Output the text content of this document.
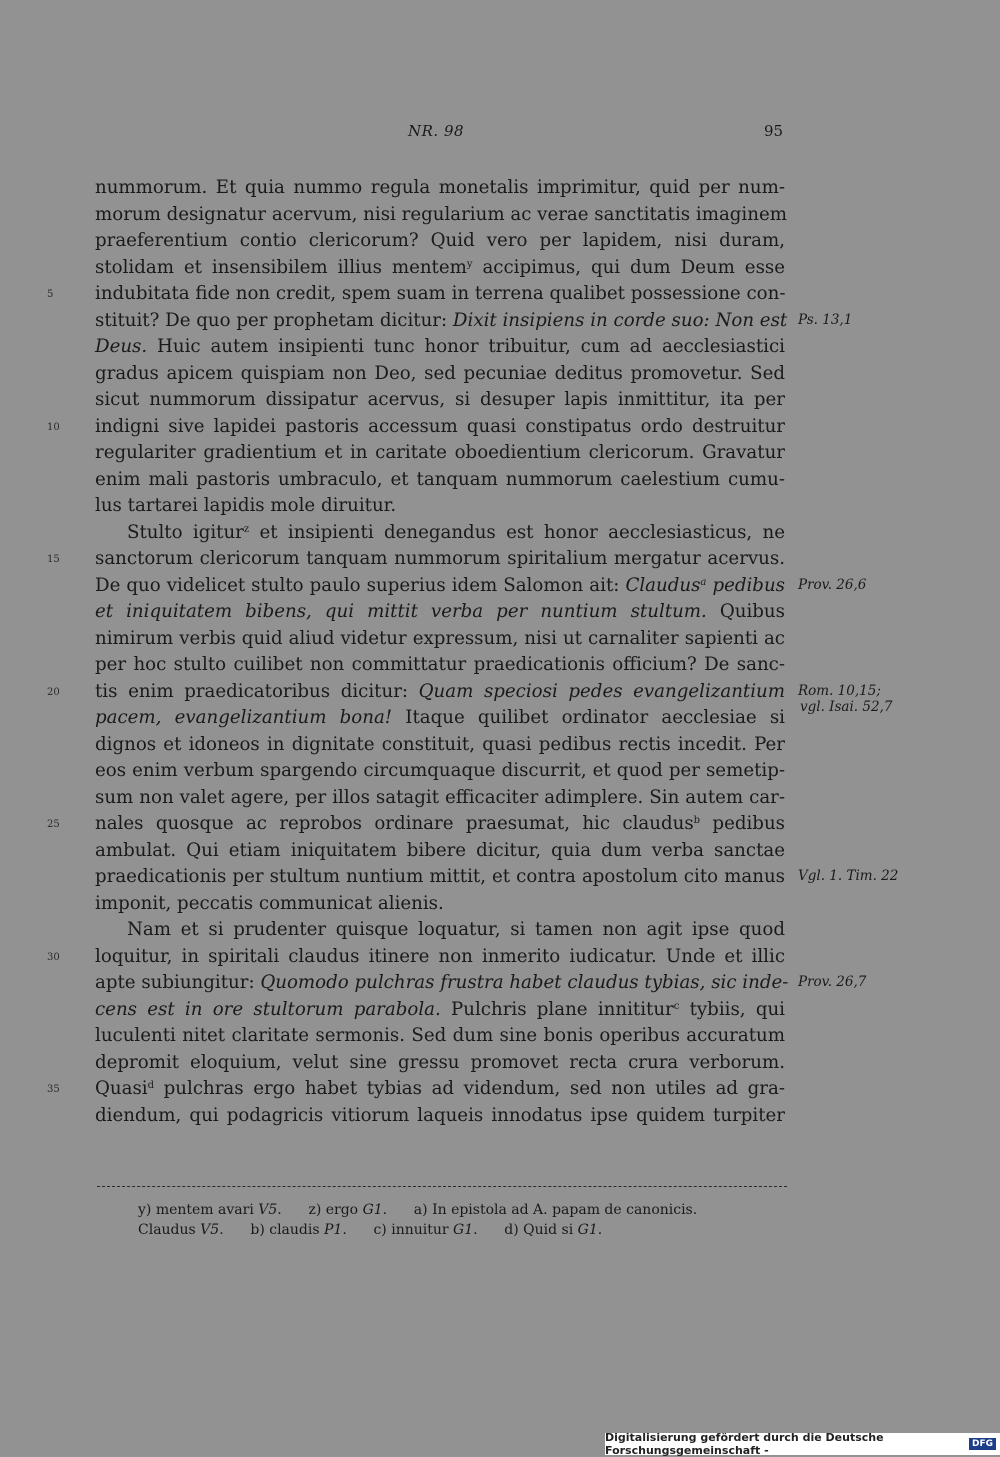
NR. 98	95
nummorum. Et quia nummo regula monetalis imprimitur, quid per num-
morum designatur acervum, nisi regularium ac verae sanctitatis imaginem
praeferentium contio clericorum? Quid vero per lapidem, nisi duram,
stolidam et insensibilem illius mentem$^y$ accipimus, qui dum Deum esse
5	indubitata fide non credit, spem suam in terrena qualibet possessione con-
stituit? De quo per prophetam dicitur: Dixit insipiens in corde suo: Non est Ps. 13,1
Deus. Huic autem insipienti tunc honor tribuitur, cum ad aecclesiastici
gradus apicem quispiam non Deo, sed pecuniae deditus promovetur. Sed
sicut nummorum dissipatur acervus, si desuper lapis inmittitur, ita per
10	indigni sive lapidei pastoris accessum quasi constipatus ordo destruitur
regulariter gradientium et in caritate oboedientium clericorum. Gravatur
enim mali pastoris umbraculo, et tanquam nummorum caelestium cumu-
lus tartarei lapidis mole diruitur.
Stulto igitur$^z$ et insipienti denegandus est honor aecclesiasticus, ne
15	sanctorum clericorum tanquam nummorum spiritalium mergatur acervus.
De quo videlicet stulto paulo superius idem Salomon ait: Claudus$^a$ pedibus Prov. 26,6
et iniquitatem bibens, qui mittit verba per nuntium stultum. Quibus
nimirum verbis quid aliud videtur expressum, nisi ut carnaliter sapienti ac
per hoc stulto cuilibet non committatur praedicationis officium? De sanc-
20	tis enim praedicatoribus dicitur: Quam speciosi pedes evangelizantium Rom. 10,15;
vgl. Isai. 52,7
pacem, evangelizantium bona! Itaque quilibet ordinator aecclesiae si
dignos et idoneos in dignitate constituit, quasi pedibus rectis incedit. Per
eos enim verbum spargendo circumquaque discurrit, et quod per semetip-
sum non valet agere, per illos satagit efficaciter adimplere. Sin autem car-
25	nales quosque ac reprobos ordinare praesumat, hic claudus$^b$ pedibus
ambulat. Qui etiam iniquitatem bibere dicitur, quia dum verba sanctae
praedicationis per stultum nuntium mittit, et contra apostolum cito manus Vgl. 1. Tim. 22
imponit, peccatis communicat alienis.
Nam et si prudenter quisque loquatur, si tamen non agit ipse quod
30	loquitur, in spiritali claudus itinere non inmerito iudicatur. Unde et illic
apte subiungitur: Quomodo pulchras frustra habet claudus tybias, sic inde- Prov. 26,7
cens est in ore stultorum parabola. Pulchris plane innititur$^c$ tybiis, qui
luculenti nitet claritate sermonis. Sed dum sine bonis operibus accuratum
depromit eloquium, velut sine gressu promovet recta crura verborum.
35	Quasi$^d$ pulchras ergo habet tybias ad videndum, sed non utiles ad gra-
diendum, qui podagricis vitiorum laqueis innodatus ipse quidem turpiter
y) mentem avari V5.      z) ergo G1.      a) In epistola ad A. papam de canonicis.
Claudus V5.      b) claudis P1.      c) innuitur G1.      d) Quid si G1.
Digitalisierung gefördert durch die Deutsche Forschungsgemeinschaft -	DFG
